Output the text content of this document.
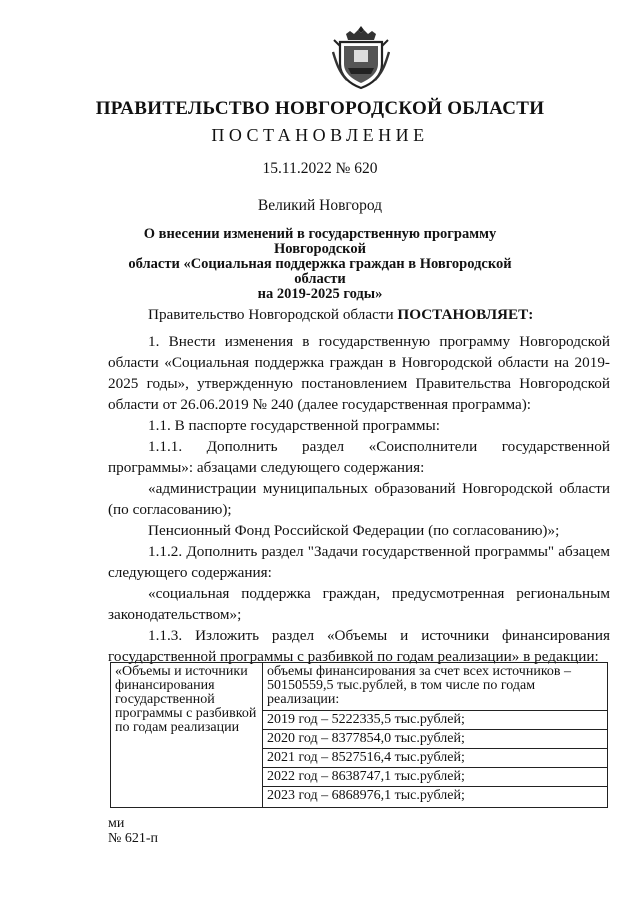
ПРАВИТЕЛЬСТВО НОВГОРОДСКОЙ ОБЛАСТИ
ПОСТАНОВЛЕНИЕ
15.11.2022 № 620
Великий Новгород
О внесении изменений в государственную программу Новгородской
области «Социальная поддержка граждан в Новгородской области
на 2019-2025 годы»

Правительство Новгородской области ПОСТАНОВЛЯЕТ:

1. Внести изменения в государственную программу Новгородской области «Социальная поддержка граждан в Новгородской области на 2019-2025 годы», утвержденную постановлением Правительства Новгородской области от 26.06.2019 № 240 (далее государственная программа):

1.1. В паспорте государственной программы:

1.1.1. Дополнить раздел «Соисполнители государственной программы»: абзацами следующего содержания:

«администрации муниципальных образований Новгородской области (по согласованию);

Пенсионный Фонд Российской Федерации (по согласованию)»;

1.1.2. Дополнить раздел "Задачи государственной программы" абзацем следующего содержания:

«социальная поддержка граждан, предусмотренная региональным законодательством»;

1.1.3. Изложить раздел «Объемы и источники финансирования государственной программы с разбивкой по годам реализации» в редакции:

«Объемы и источники финансирования государственной программы с разбивкой по годам реализации	
объемы финансирования за счет всех источников – 50150559,5 тыс.рублей, в том числе по годам реализации:
2019 год – 5222335,5 тыс.рублей;
2020 год – 8377854,0 тыс.рублей;
2021 год – 8527516,4 тыс.рублей;
2022 год – 8638747,1 тыс.рублей;
2023 год – 6868976,1 тыс.рублей;
ми
№ 621-п
